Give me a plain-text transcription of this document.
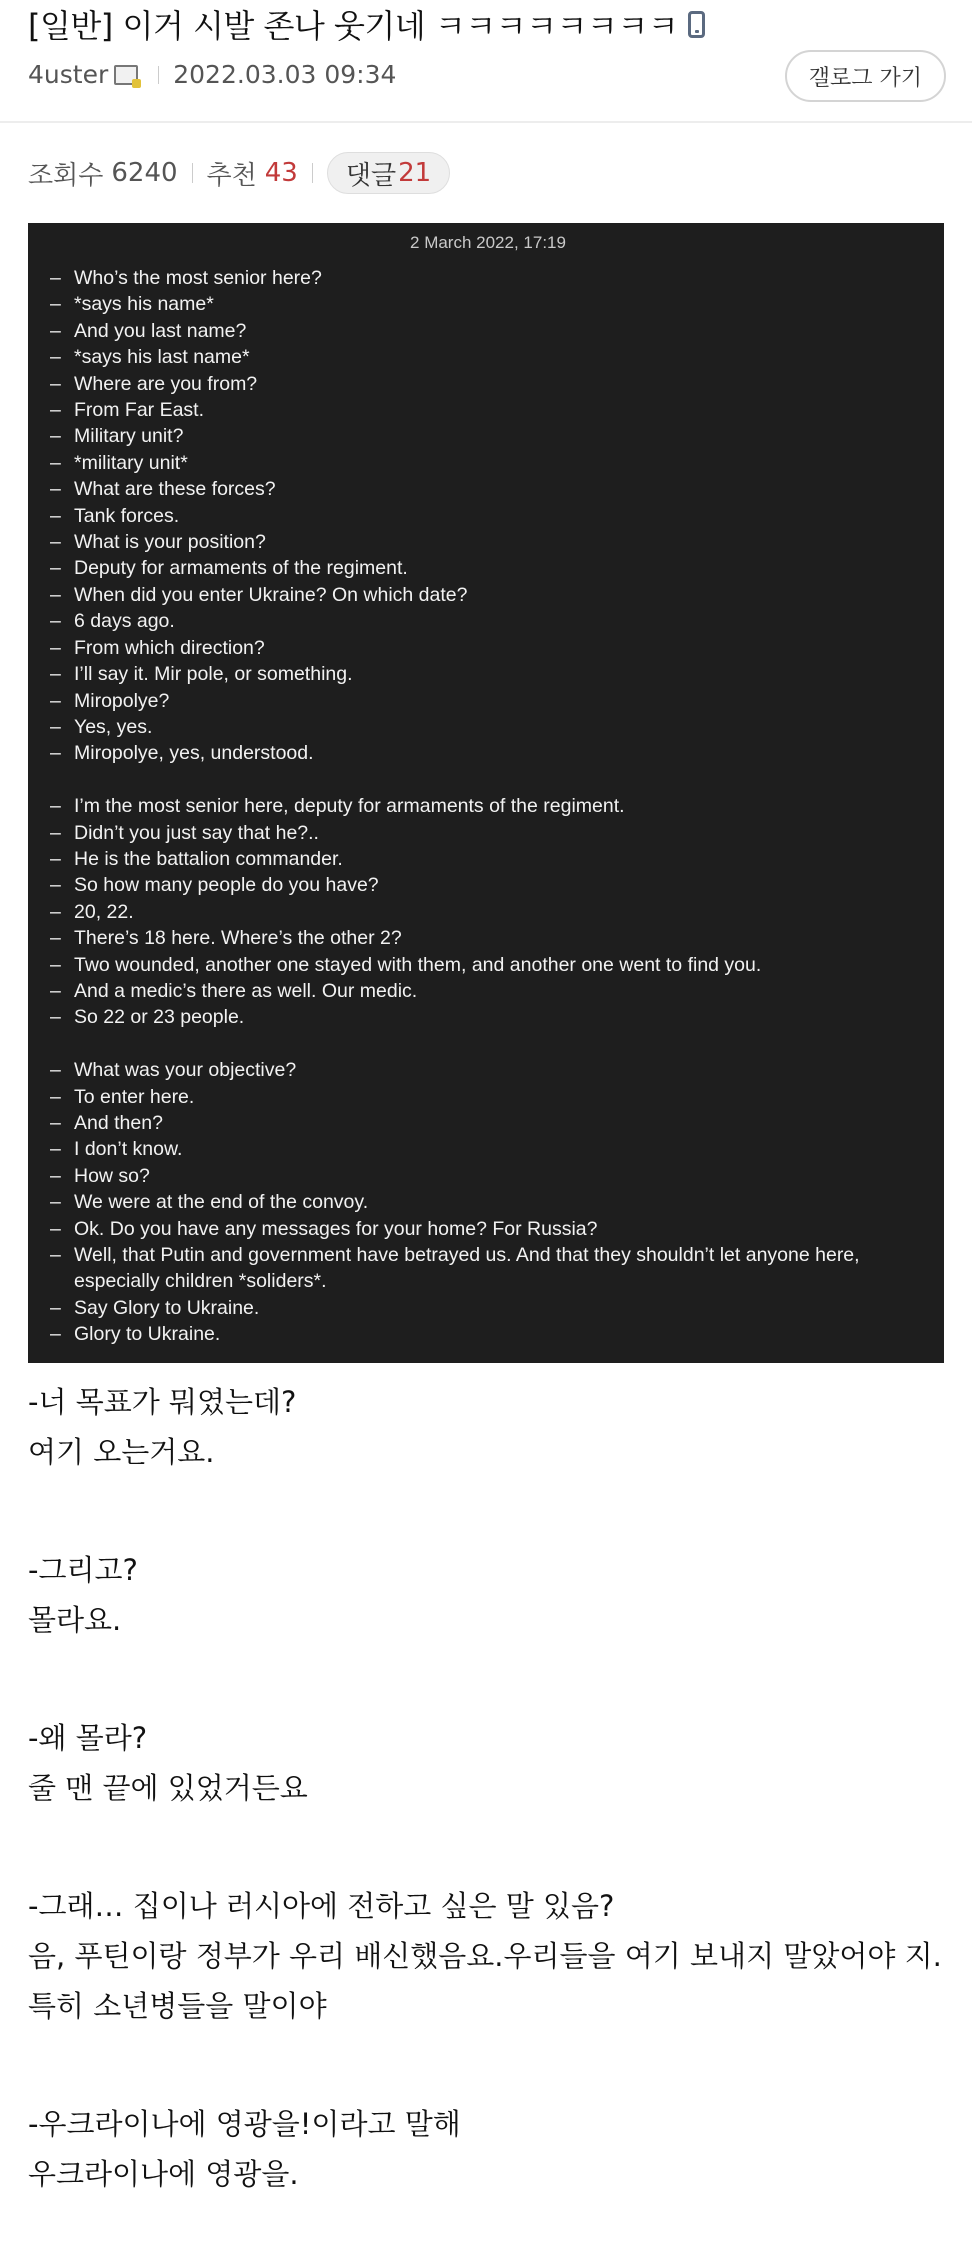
[일반] 이거 시발 존나 웃기네 ㅋㅋㅋㅋㅋㅋㅋㅋ
4uster	2022.03.03 09:34	갤로그 가기
조회수 6240 추천 43 댓글 21
2 March 2022, 17:19
– Who’s the most senior here?
– *says his name*
– And you last name?
– *says his last name*
– Where are you from?
– From Far East.
– Military unit?
– *military unit*
– What are these forces?
– Tank forces.
– What is your position?
– Deputy for armaments of the regiment.
– When did you enter Ukraine? On which date?
– 6 days ago.
– From which direction?
– I’ll say it. Mir pole, or something.
– Miropolye?
– Yes, yes.
– Miropolye, yes, understood.
– I’m the most senior here, deputy for armaments of the regiment.
– Didn’t you just say that he?..
– He is the battalion commander.
– So how many people do you have?
– 20, 22.
– There’s 18 here. Where’s the other 2?
– Two wounded, another one stayed with them, and another one went to find you.
– And a medic’s there as well. Our medic.
– So 22 or 23 people.
– What was your objective?
– To enter here.
– And then?
– I don’t know.
– How so?
– We were at the end of the convoy.
– Ok. Do you have any messages for your home? For Russia?
– Well, that Putin and government have betrayed us. And that they shouldn’t let anyone here, especially children *soliders*.
– Say Glory to Ukraine.
– Glory to Ukraine.

-너 목표가 뭐였는데?

여기 오는거요.

-그리고?

몰라요.

-왜 몰라?

줄 맨 끝에 있었거든요

-그래… 집이나 러시아에 전하고 싶은 말 있음?

음, 푸틴이랑 정부가 우리 배신했음요.우리들을 여기 보내지 말았어야 지. 특히 소년병들을 말이야

-우크라이나에 영광을!이라고 말해

우크라이나에 영광을.
